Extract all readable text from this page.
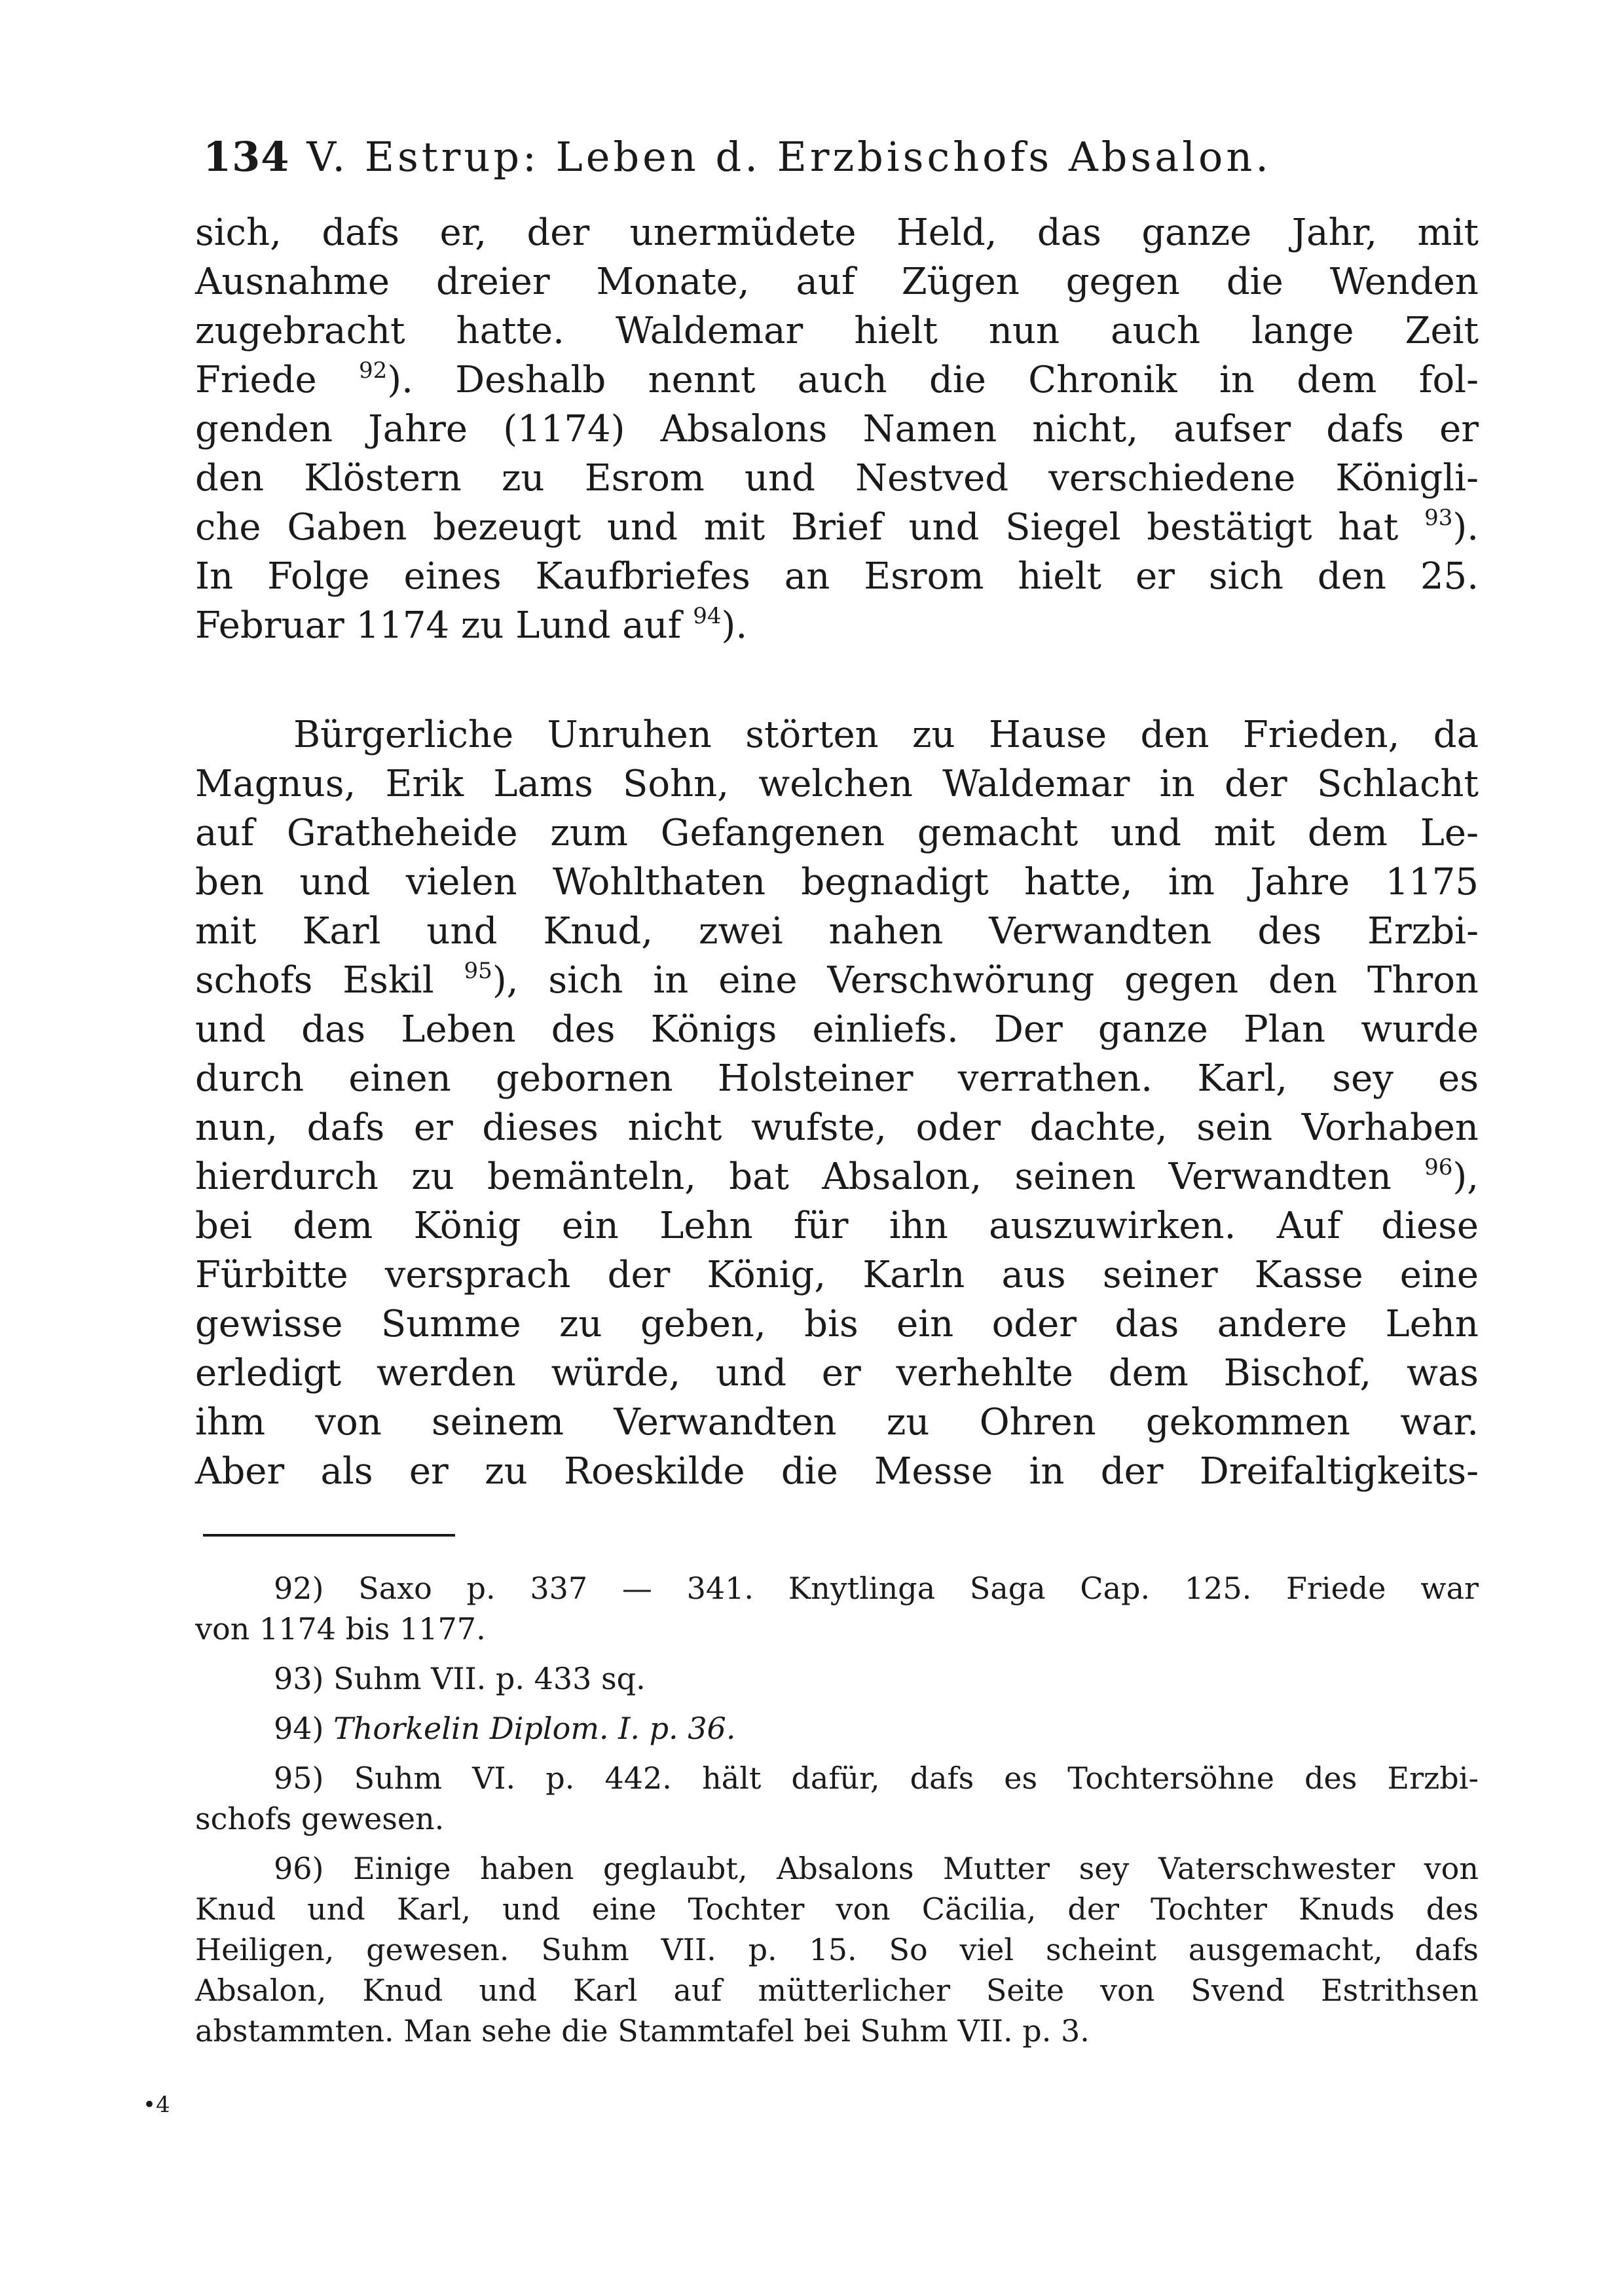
134 V. Estrup: Leben d. Erzbischofs Absalon.
sich, dafs er, der unermüdete Held, das ganze Jahr, mit
Ausnahme dreier Monate, auf Zügen gegen die Wenden
zugebracht hatte. Waldemar hielt nun auch lange Zeit
Friede $^{92}$). Deshalb nennt auch die Chronik in dem fol-
genden Jahre (1174) Absalons Namen nicht, aufser dafs er
den Klöstern zu Esrom und Nestved verschiedene Königli-
che Gaben bezeugt und mit Brief und Siegel bestätigt hat $^{93}$).
In Folge eines Kaufbriefes an Esrom hielt er sich den 25.
Februar 1174 zu Lund auf $^{94}$).
Bürgerliche Unruhen störten zu Hause den Frieden, da
Magnus, Erik Lams Sohn, welchen Waldemar in der Schlacht
auf Gratheheide zum Gefangenen gemacht und mit dem Le-
ben und vielen Wohlthaten begnadigt hatte, im Jahre 1175
mit Karl und Knud, zwei nahen Verwandten des Erzbi-
schofs Eskil $^{95}$), sich in eine Verschwörung gegen den Thron
und das Leben des Königs einliefs. Der ganze Plan wurde
durch einen gebornen Holsteiner verrathen. Karl, sey es
nun, dafs er dieses nicht wufste, oder dachte, sein Vorhaben
hierdurch zu bemänteln, bat Absalon, seinen Verwandten $^{96}$),
bei dem König ein Lehn für ihn auszuwirken. Auf diese
Fürbitte versprach der König, Karln aus seiner Kasse eine
gewisse Summe zu geben, bis ein oder das andere Lehn
erledigt werden würde, und er verhehlte dem Bischof, was
ihm von seinem Verwandten zu Ohren gekommen war.
Aber als er zu Roeskilde die Messe in der Dreifaltigkeits-
92) Saxo p. 337 — 341. Knytlinga Saga Cap. 125. Friede war
von 1174 bis 1177.
93) Suhm VII. p. 433 sq.
94) Thorkelin Diplom. I. p. 36.
95) Suhm VI. p. 442. hält dafür, dafs es Tochtersöhne des Erzbi-
schofs gewesen.
96) Einige haben geglaubt, Absalons Mutter sey Vaterschwester von
Knud und Karl, und eine Tochter von Cäcilia, der Tochter Knuds des
Heiligen, gewesen. Suhm VII. p. 15. So viel scheint ausgemacht, dafs
Absalon, Knud und Karl auf mütterlicher Seite von Svend Estrithsen
abstammten. Man sehe die Stammtafel bei Suhm VII. p. 3.
•4
